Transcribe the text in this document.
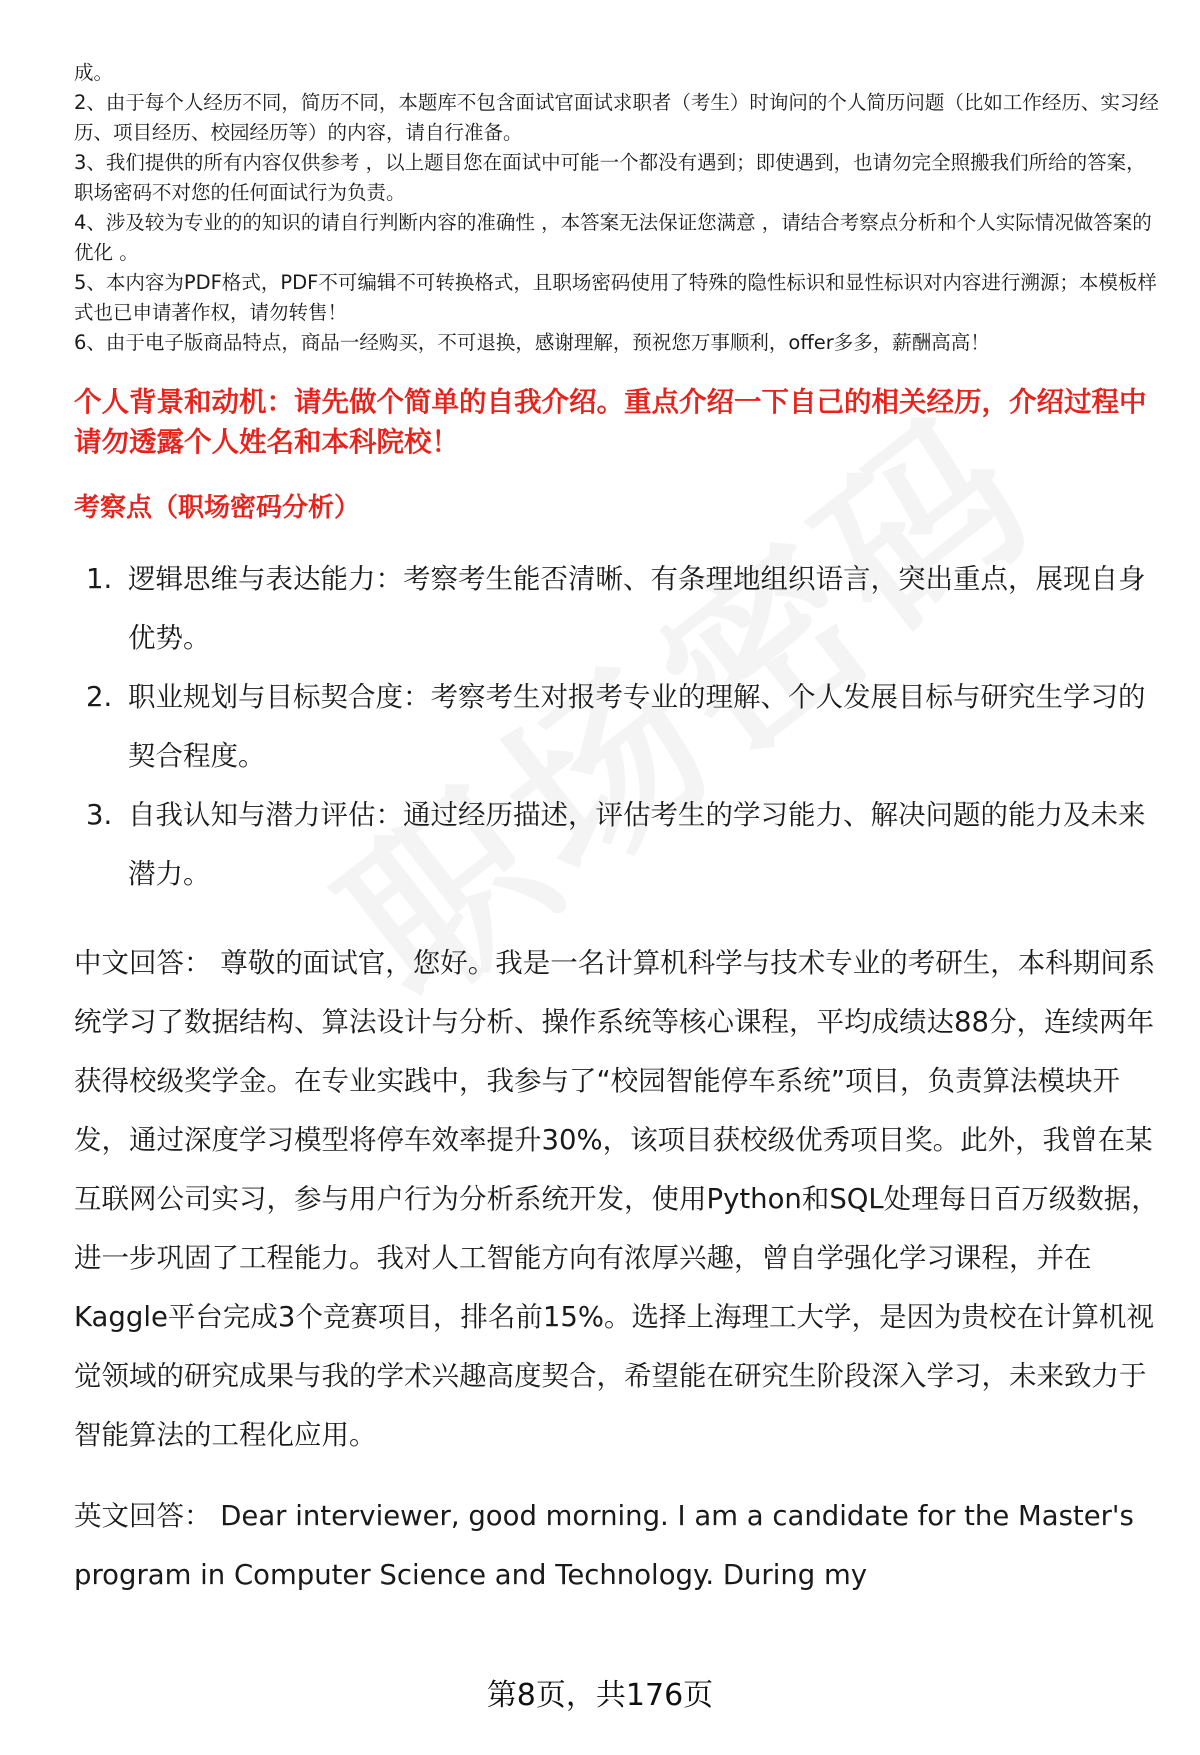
成。

2、由于每个人经历不同，简历不同，本题库不包含面试官面试求职者（考生）时询问的个人简历问题（比如工作经历、实习经历、项目经历、校园经历等）的内容，请自行准备。

3、我们提供的所有内容仅供参考 ，以上题目您在面试中可能一个都没有遇到；即使遇到，也请勿完全照搬我们所给的答案，职场密码不对您的任何面试行为负责。

4、涉及较为专业的的知识的请自行判断内容的准确性 ，本答案无法保证您满意 ，请结合考察点分析和个人实际情况做答案的优化 。

5、本内容为PDF格式，PDF不可编辑不可转换格式，且职场密码使用了特殊的隐性标识和显性标识对内容进行溯源；本模板样式也已申请著作权，请勿转售！

6、由于电子版商品特点，商品一经购买，不可退换，感谢理解，预祝您万事顺利，offer多多，薪酬高高！

个人背景和动机：请先做个简单的自我介绍。重点介绍一下自己的相关经历，介绍过程中请勿透露个人姓名和本科院校！

考察点（职场密码分析）

1. 逻辑思维与表达能力：考察考生能否清晰、有条理地组织语言，突出重点，展现自身优势。
2. 职业规划与目标契合度：考察考生对报考专业的理解、个人发展目标与研究生学习的契合程度。
3. 自我认知与潜力评估：通过经历描述，评估考生的学习能力、解决问题的能力及未来潜力。

中文回答： 尊敬的面试官，您好。我是一名计算机科学与技术专业的考研生，本科期间系统学习了数据结构、算法设计与分析、操作系统等核心课程，平均成绩达88分，连续两年获得校级奖学金。在专业实践中，我参与了“校园智能停车系统”项目，负责算法模块开发，通过深度学习模型将停车效率提升30%，该项目获校级优秀项目奖。此外，我曾在某互联网公司实习，参与用户行为分析系统开发，使用Python和SQL处理每日百万级数据，进一步巩固了工程能力。我对人工智能方向有浓厚兴趣，曾自学强化学习课程，并在Kaggle平台完成3个竞赛项目，排名前15%。选择上海理工大学，是因为贵校在计算机视觉领域的研究成果与我的学术兴趣高度契合，希望能在研究生阶段深入学习，未来致力于智能算法的工程化应用。

英文回答： Dear interviewer, good morning. I am a candidate for the Master's program in Computer Science and Technology. During my

第8页，共176页
